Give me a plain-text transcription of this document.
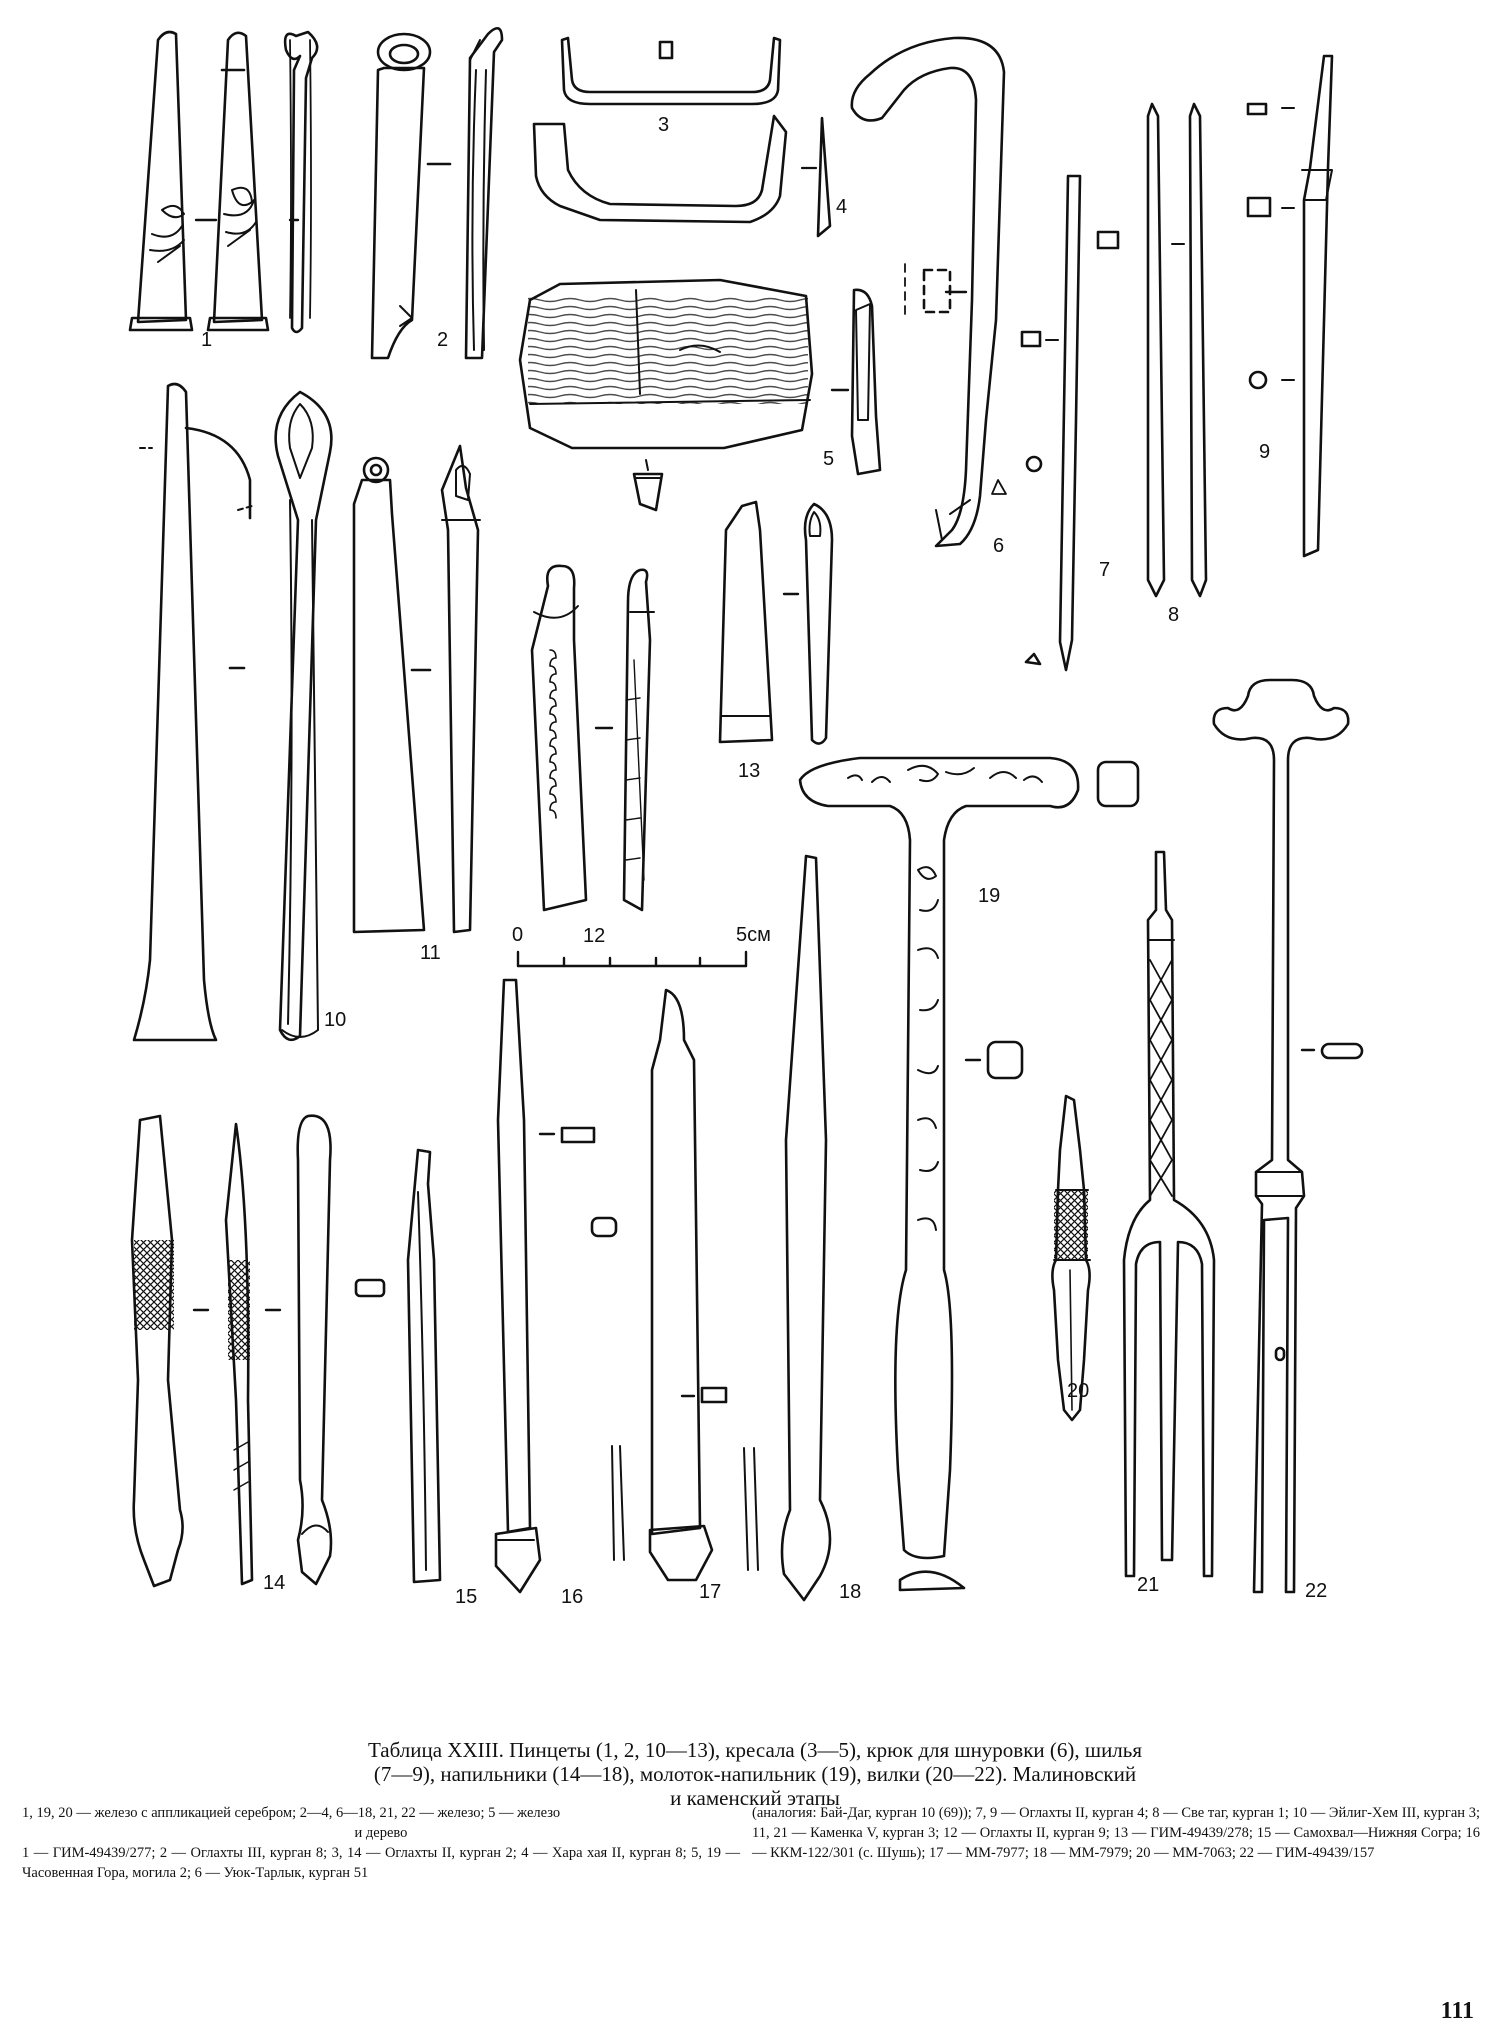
1	2
3
4
5
6
7
8
9
10
11
12
13
14
15	16	17	18
19
20
21	22
0	5см
Таблица XXIII. Пинцеты (1, 2, 10—13), кресала (3—5), крюк для шнуровки (6), шилья
(7—9), напильники (14—18), молоток-напильник (19), вилки (20—22). Малиновский
и каменский этапы

1, 19, 20 — железо с аппликацией серебром; 2—4, 6—18, 21, 22 — железо; 5 — железо

и дерево

1 — ГИМ-49439/277; 2 — Оглахты III, курган 8; 3, 14 — Оглахты II, курган 2; 4 — Хара хая II, курган 8; 5, 19 — Часовенная Гора, могила 2; 6 — Уюк-Тарлык, курган 51

(аналогия: Бай-Даг, курган 10 (69)); 7, 9 — Оглахты II, курган 4; 8 — Све таг, курган 1; 10 — Эйлиг-Хем III, курган 3; 11, 21 — Каменка V, курган 3; 12 — Оглахты II, курган 9; 13 — ГИМ-49439/278; 15 — Самохвал—Нижняя Согра; 16 — ККМ-122/301 (с. Шушь); 17 — ММ-7977; 18 — ММ-7979; 20 — ММ-7063; 22 — ГИМ-49439/157

111
